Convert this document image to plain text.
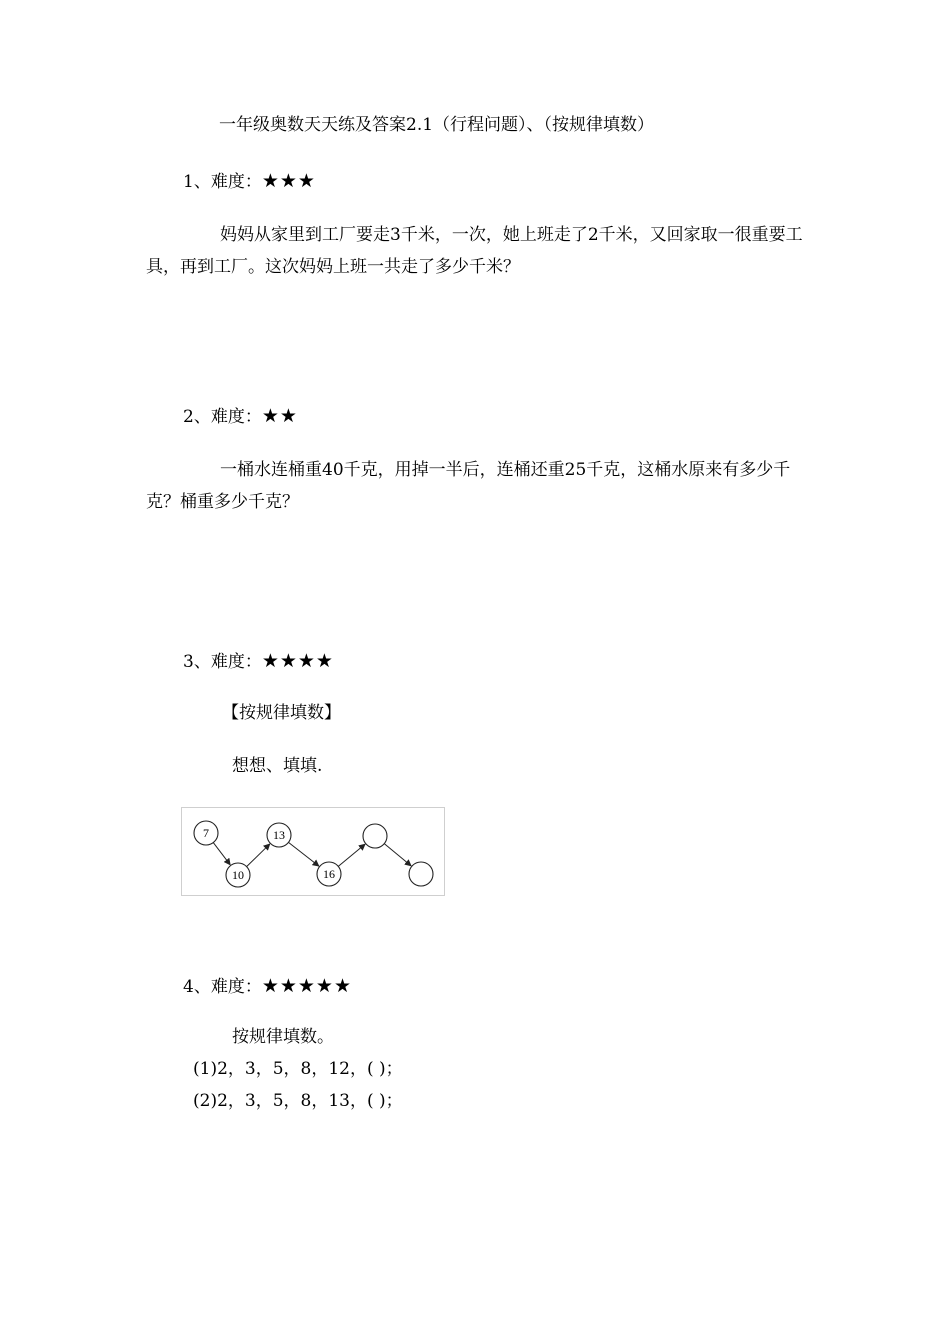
一年级奥数天天练及答案2.1（行程问题）、（按规律填数）
1、难度：★★★
妈妈从家里到工厂要走3千米，一次，她上班走了2千米，又回家取一很重要工具，再到工厂。这次妈妈上班一共走了多少千米？
2、难度：★★
一桶水连桶重40千克，用掉一半后，连桶还重25千克，这桶水原来有多少千克？桶重多少千克？
3、难度：★★★★
【按规律填数】
想想、填填.
7
10
13
16
4、难度：★★★★★
按规律填数。
(1)2，3，5，8，12，( )；
(2)2，3，5，8，13，( )；
